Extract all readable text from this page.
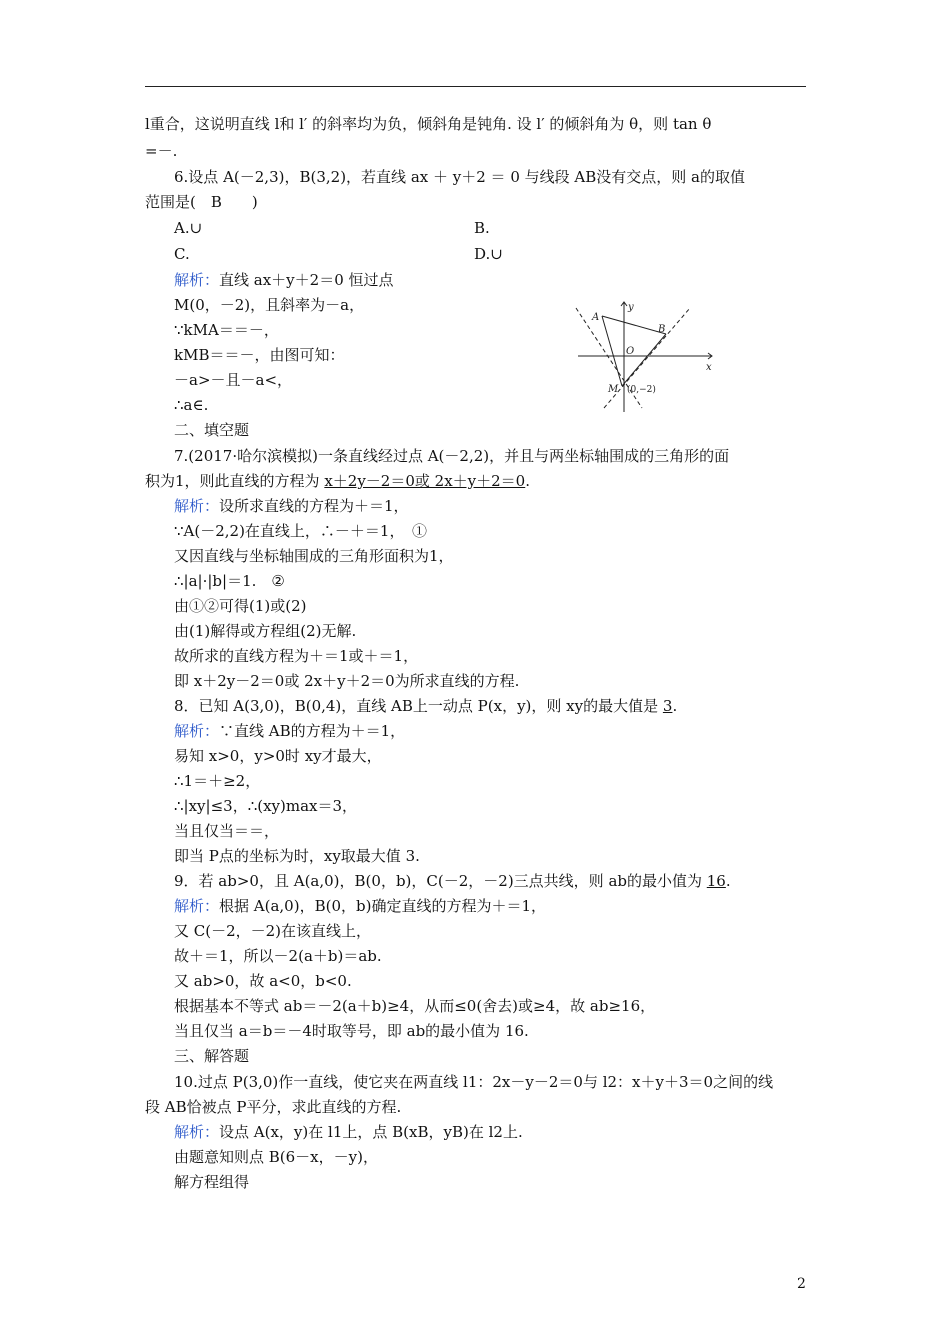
l重合，这说明直线 l和 l′ 的斜率均为负，倾斜角是钝角. 设 l′ 的倾斜角为 θ，则 tan θ
=－.
6.设点 A(－2,3)，B(3,2)，若直线 ax ＋ y＋2 ＝ 0 与线段 AB没有交点，则 a的取值
范围是(　B　　)
A.∪	B.
C.	D.∪
解析：直线 ax＋y＋2＝0 恒过点
M(0，－2)，且斜率为－a，
∵kMA＝＝－，
kMB＝＝－，由图可知：
－a>－且－a<，
∴a∈.
二、填空题
7.(2017·哈尔滨模拟)一条直线经过点 A(－2,2)，并且与两坐标轴围成的三角形的面
积为1，则此直线的方程为 x＋2y－2＝0或 2x＋y＋2＝0.
解析：设所求直线的方程为＋＝1，
∵A(－2,2)在直线上，∴－＋＝1，　①
又因直线与坐标轴围成的三角形面积为1，
∴|a|·|b|＝1.　②
由①②可得(1)或(2)
由(1)解得或方程组(2)无解.
故所求的直线方程为＋＝1或＋＝1，
即 x＋2y－2＝0或 2x＋y＋2＝0为所求直线的方程.
8．已知 A(3,0)，B(0,4)，直线 AB上一动点 P(x，y)，则 xy的最大值是 3.
解析：∵直线 AB的方程为＋＝1，
易知 x>0，y>0时 xy才最大，
∴1＝＋≥2，
∴|xy|≤3，∴(xy)max＝3，
当且仅当＝＝，
即当 P点的坐标为时，xy取最大值 3.
9．若 ab>0，且 A(a,0)，B(0，b)，C(－2，－2)三点共线，则 ab的最小值为 16.
解析：根据 A(a,0)，B(0，b)确定直线的方程为＋＝1，
又 C(－2，－2)在该直线上，
故＋＝1，所以－2(a＋b)＝ab.
又 ab>0，故 a<0，b<0.
根据基本不等式 ab＝－2(a＋b)≥4，从而≤0(舍去)或≥4，故 ab≥16，
当且仅当 a＝b＝－4时取等号，即 ab的最小值为 16.
三、解答题
10.过点 P(3,0)作一直线，使它夹在两直线 l1：2x－y－2＝0与 l2：x＋y＋3＝0之间的线
段 AB恰被点 P平分，求此直线的方程.
解析：设点 A(x，y)在 l1上，点 B(xB，yB)在 l2上.
由题意知则点 B(6－x，－y)，
解方程组得
A
B
O
M
x
y
(0,−2)
2
